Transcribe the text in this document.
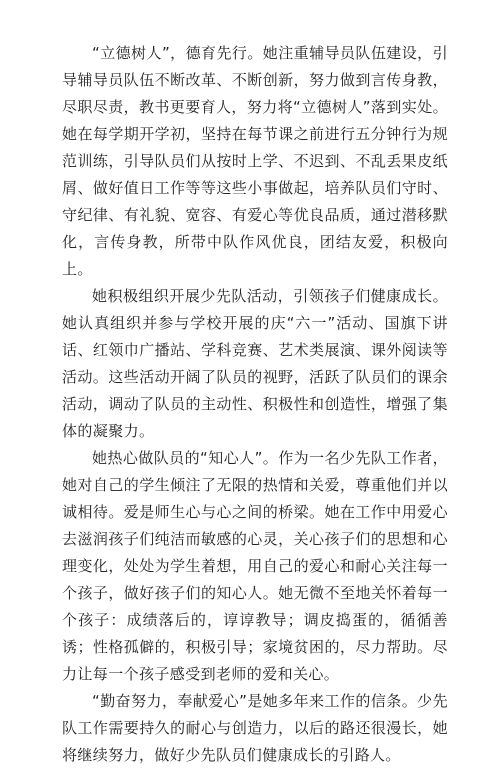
“立德树人”，德育先行。她注重辅导员队伍建设，引导辅导员队伍不断改革、不断创新，努力做到言传身教，尽职尽责，教书更要育人，努力将“立德树人”落到实处。她在每学期开学初，坚持在每节课之前进行五分钟行为规范训练，引导队员们从按时上学、不迟到、不乱丢果皮纸屑、做好值日工作等等这些小事做起，培养队员们守时、守纪律、有礼貌、宽容、有爱心等优良品质，通过潜移默化，言传身教，所带中队作风优良，团结友爱，积极向上。

她积极组织开展少先队活动，引领孩子们健康成长。她认真组织并参与学校开展的庆“六一”活动、国旗下讲话、红领巾广播站、学科竞赛、艺术类展演、课外阅读等活动。这些活动开阔了队员的视野，活跃了队员们的课余活动，调动了队员的主动性、积极性和创造性，增强了集体的凝聚力。

她热心做队员的“知心人”。作为一名少先队工作者，她对自己的学生倾注了无限的热情和关爱，尊重他们并以诚相待。爱是师生心与心之间的桥梁。她在工作中用爱心去滋润孩子们纯洁而敏感的心灵，关心孩子们的思想和心理变化，处处为学生着想，用自己的爱心和耐心关注每一个孩子，做好孩子们的知心人。她无微不至地关怀着每一个孩子：成绩落后的，谆谆教导；调皮捣蛋的，循循善诱；性格孤僻的，积极引导；家境贫困的，尽力帮助。尽力让每一个孩子感受到老师的爱和关心。

“勤奋努力，奉献爱心”是她多年来工作的信条。少先队工作需要持久的耐心与创造力，以后的路还很漫长，她将继续努力，做好少先队员们健康成长的引路人。
